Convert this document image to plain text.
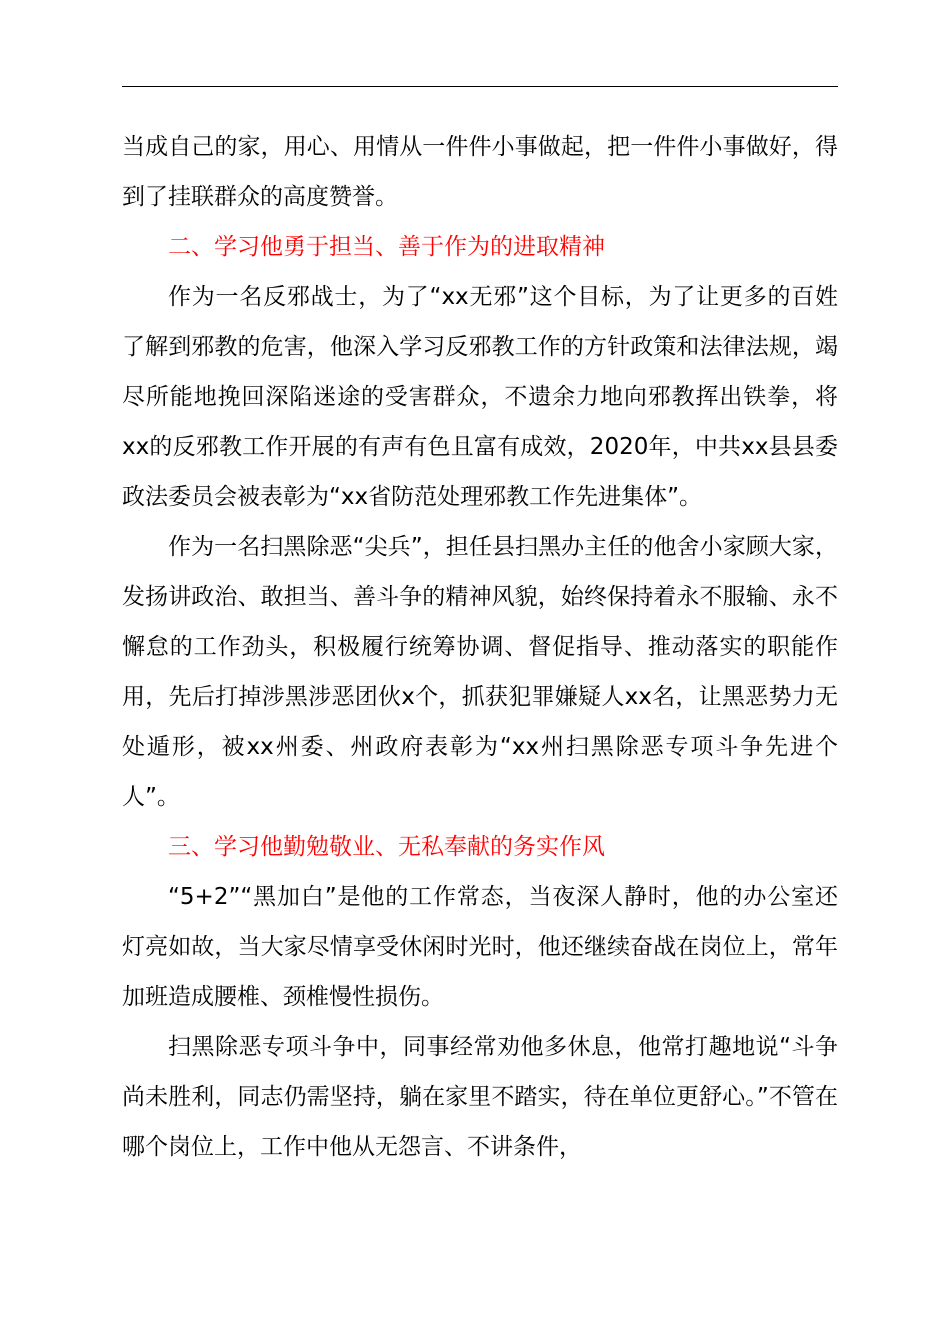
当成自己的家，用心、用情从一件件小事做起，把一件件小事做好，得到了挂联群众的高度赞誉。

二、学习他勇于担当、善于作为的进取精神

作为一名反邪战士，为了“xx无邪”这个目标，为了让更多的百姓了解到邪教的危害，他深入学习反邪教工作的方针政策和法律法规，竭尽所能地挽回深陷迷途的受害群众，不遗余力地向邪教挥出铁拳，将xx的反邪教工作开展的有声有色且富有成效，2020年，中共xx县县委政法委员会被表彰为“xx省防范处理邪教工作先进集体”。

作为一名扫黑除恶“尖兵”，担任县扫黑办主任的他舍小家顾大家，发扬讲政治、敢担当、善斗争的精神风貌，始终保持着永不服输、永不懈怠的工作劲头，积极履行统筹协调、督促指导、推动落实的职能作用，先后打掉涉黑涉恶团伙x个，抓获犯罪嫌疑人xx名，让黑恶势力无处遁形，被xx州委、州政府表彰为“xx州扫黑除恶专项斗争先进个人”。

三、学习他勤勉敬业、无私奉献的务实作风

“5+2”“黑加白”是他的工作常态，当夜深人静时，他的办公室还灯亮如故，当大家尽情享受休闲时光时，他还继续奋战在岗位上，常年加班造成腰椎、颈椎慢性损伤。

扫黑除恶专项斗争中，同事经常劝他多休息，他常打趣地说“斗争尚未胜利，同志仍需坚持，躺在家里不踏实，待在单位更舒心。”不管在哪个岗位上，工作中他从无怨言、不讲条件，
